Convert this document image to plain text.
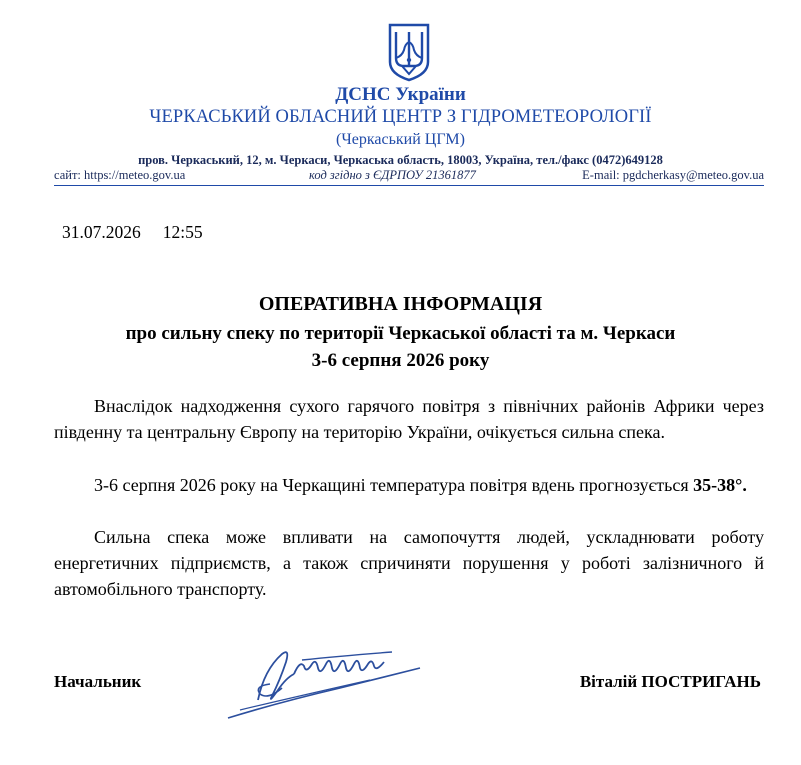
ДСНС України
ЧЕРКАСЬКИЙ ОБЛАСНИЙ ЦЕНТР З ГІДРОМЕТЕОРОЛОГІЇ
(Черкаський ЦГМ)
пров. Черкаський, 12, м. Черкаси, Черкаська область, 18003, Україна, тел./факс (0472)649128
сайт: https://meteo.gov.ua	код згідно з ЄДРПОУ 21361877	E-mail: pgdcherkasy@meteo.gov.ua
31.07.2026 12:55
ОПЕРАТИВНА ІНФОРМАЦІЯ
про сильну спеку по території Черкаської області та м. Черкаси
3-6 серпня 2026 року

Внаслідок надходження сухого гарячого повітря з північних районів Африки через південну та центральну Європу на територію України, очікується сильна спека.

3-6 серпня 2026 року на Черкащині температура повітря вдень прогнозується 35-38°.

Сильна спека може впливати на самопочуття людей, ускладнювати роботу енергетичних підприємств, а також спричиняти порушення у роботі залізничного й автомобільного транспорту.

Начальник	Віталій ПОСТРИГАНЬ
